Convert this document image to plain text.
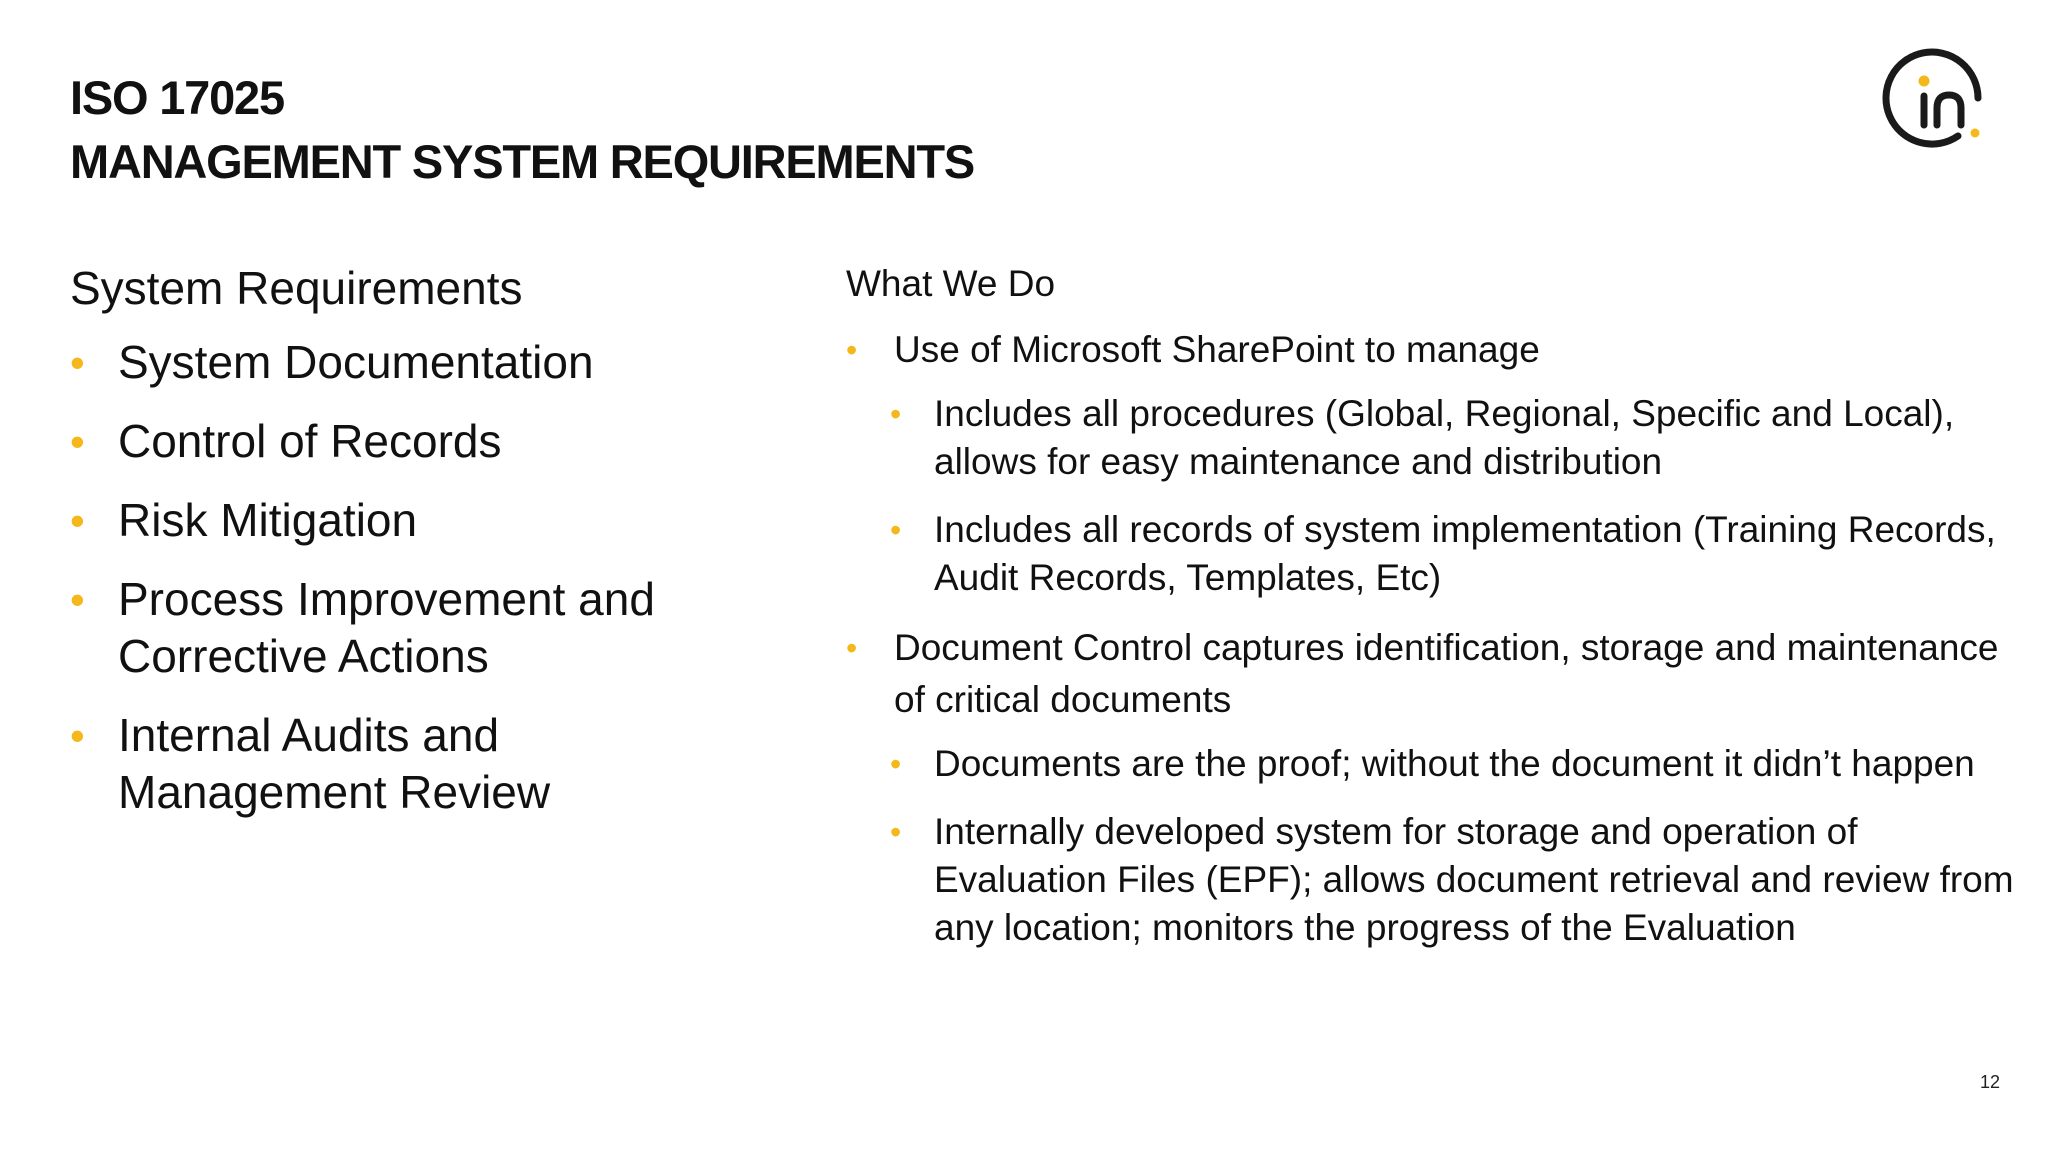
ISO 17025
MANAGEMENT SYSTEM REQUIREMENTS
System Requirements
• System Documentation
• Control of Records
• Risk Mitigation
• Process Improvement and
Corrective Actions
• Internal Audits and
Management Review
What We Do
• Use of Microsoft SharePoint to manage
• Includes all procedures (Global, Regional, Specific and Local), allows for easy maintenance and distribution
• Includes all records of system implementation (Training Records, Audit Records, Templates, Etc)
• Document Control captures identification, storage and maintenance of critical documents
• Documents are the proof; without the document it didn’t happen
• Internally developed system for storage and operation of Evaluation Files (EPF); allows document retrieval and review from any location; monitors the progress of the Evaluation
12
